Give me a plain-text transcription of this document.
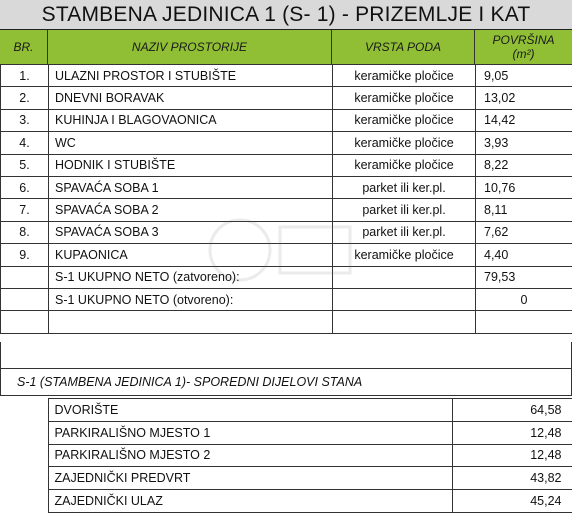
STAMBENA JEDINICA 1 (S- 1) - PRIZEMLJE I KAT
BR.	NAZIV PROSTORIJE	VRSTA PODA	POVRŠINA
(m²)
1.	ULAZNI PROSTOR I STUBIŠTE	keramičke pločice	9,05
2.	DNEVNI BORAVAK	keramičke pločice	13,02
3.	KUHINJA I BLAGOVAONICA	keramičke pločice	14,42
4.	WC	keramičke pločice	3,93
5.	HODNIK I STUBIŠTE	keramičke pločice	8,22
6.	SPAVAĆA SOBA 1	parket ili ker.pl.	10,76
7.	SPAVAĆA SOBA 2	parket ili ker.pl.	8,11
8.	SPAVAĆA SOBA 3	parket ili ker.pl.	7,62
9.	KUPAONICA	keramičke pločice	4,40
	S-1 UKUPNO NETO (zatvoreno):		79,53
	S-1 UKUPNO NETO (otvoreno):		0

S-1 (STAMBENA JEDINICA 1)- SPOREDNI DIJELOVI STANA
	DVORIŠTE	64,58
	PARKIRALIŠNO MJESTO 1	12,48
	PARKIRALIŠNO MJESTO 2	12,48
	ZAJEDNIČKI PREDVRT	43,82
	ZAJEDNIČKI ULAZ	45,24
